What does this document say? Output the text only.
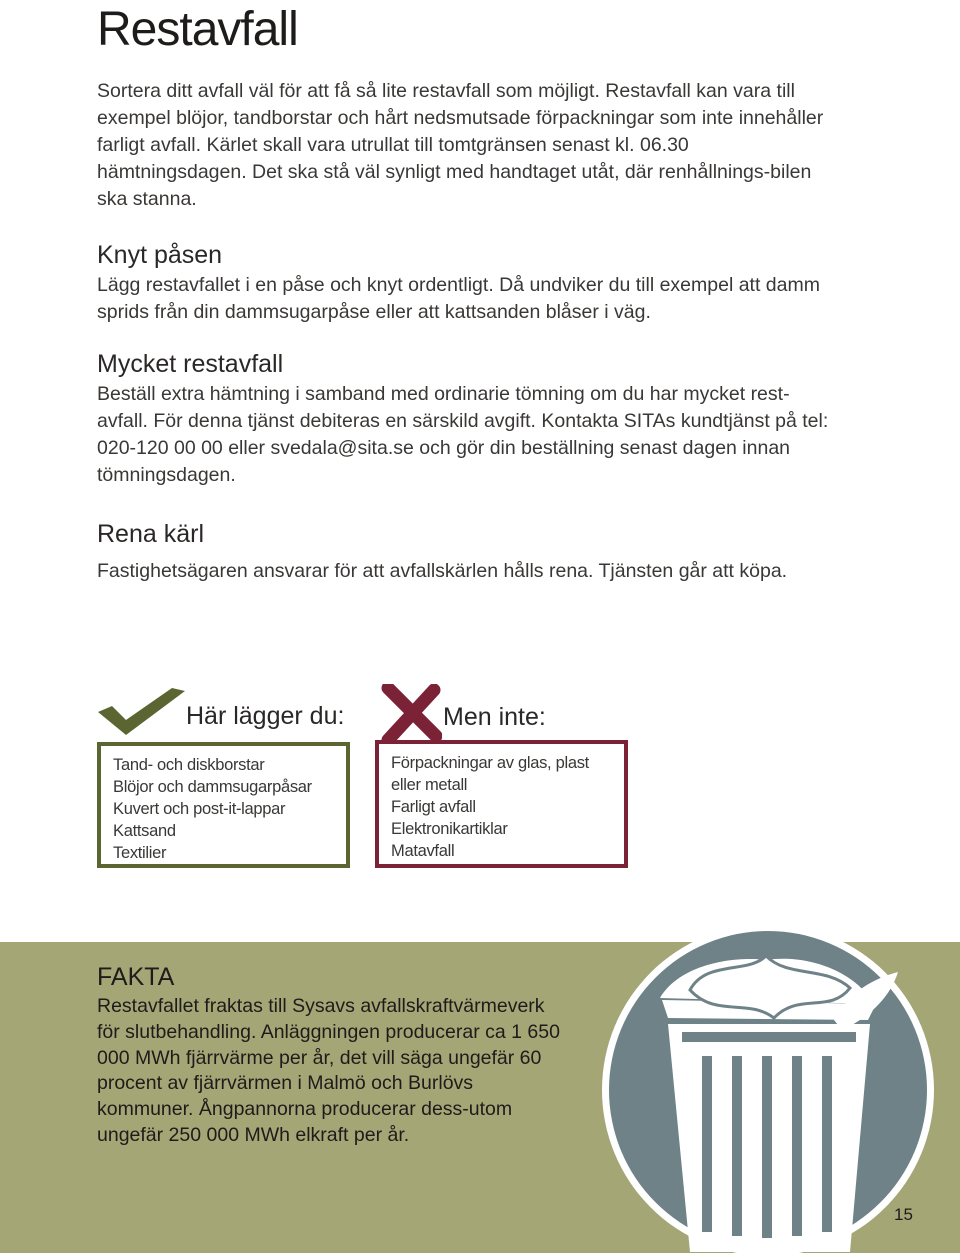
Restavfall

Sortera ditt avfall väl för att få så lite restavfall som möjligt. Restavfall kan vara till exempel blöjor, tandborstar och hårt nedsmutsade förpackningar som inte innehåller farligt avfall. Kärlet skall vara utrullat till tomtgränsen senast kl. 06.30 hämtningsdagen. Det ska stå väl synligt med handtaget utåt, där renhållnings-bilen ska stanna.

Knyt påsen

Lägg restavfallet i en påse och knyt ordentligt. Då undviker du till exempel att damm sprids från din dammsugarpåse eller att kattsanden blåser i väg.

Mycket restavfall

Beställ extra hämtning i samband med ordinarie tömning om du har mycket rest-avfall. För denna tjänst debiteras en särskild avgift. Kontakta SITAs kundtjänst på tel: 020-120 00 00 eller svedala@sita.se och gör din beställning senast dagen innan tömningsdagen.

Rena kärl

Fastighetsägaren ansvarar för att avfallskärlen hålls rena. Tjänsten går att köpa.

Här lägger du:
Tand- och diskborstar
Blöjor och dammsugarpåsar
Kuvert och post-it-lappar
Kattsand
Textilier
Men inte:
Förpackningar av glas, plast eller metall
Farligt avfall
Elektronikartiklar
Matavfall
FAKTA

Restavfallet fraktas till Sysavs avfallskraftvärmeverk för slutbehandling. Anläggningen producerar ca 1 650 000 MWh fjärrvärme per år, det vill säga ungefär 60 procent av fjärrvärmen i Malmö och Burlövs kommuner. Ångpannorna producerar dess-utom ungefär 250 000 MWh elkraft per år.

15
